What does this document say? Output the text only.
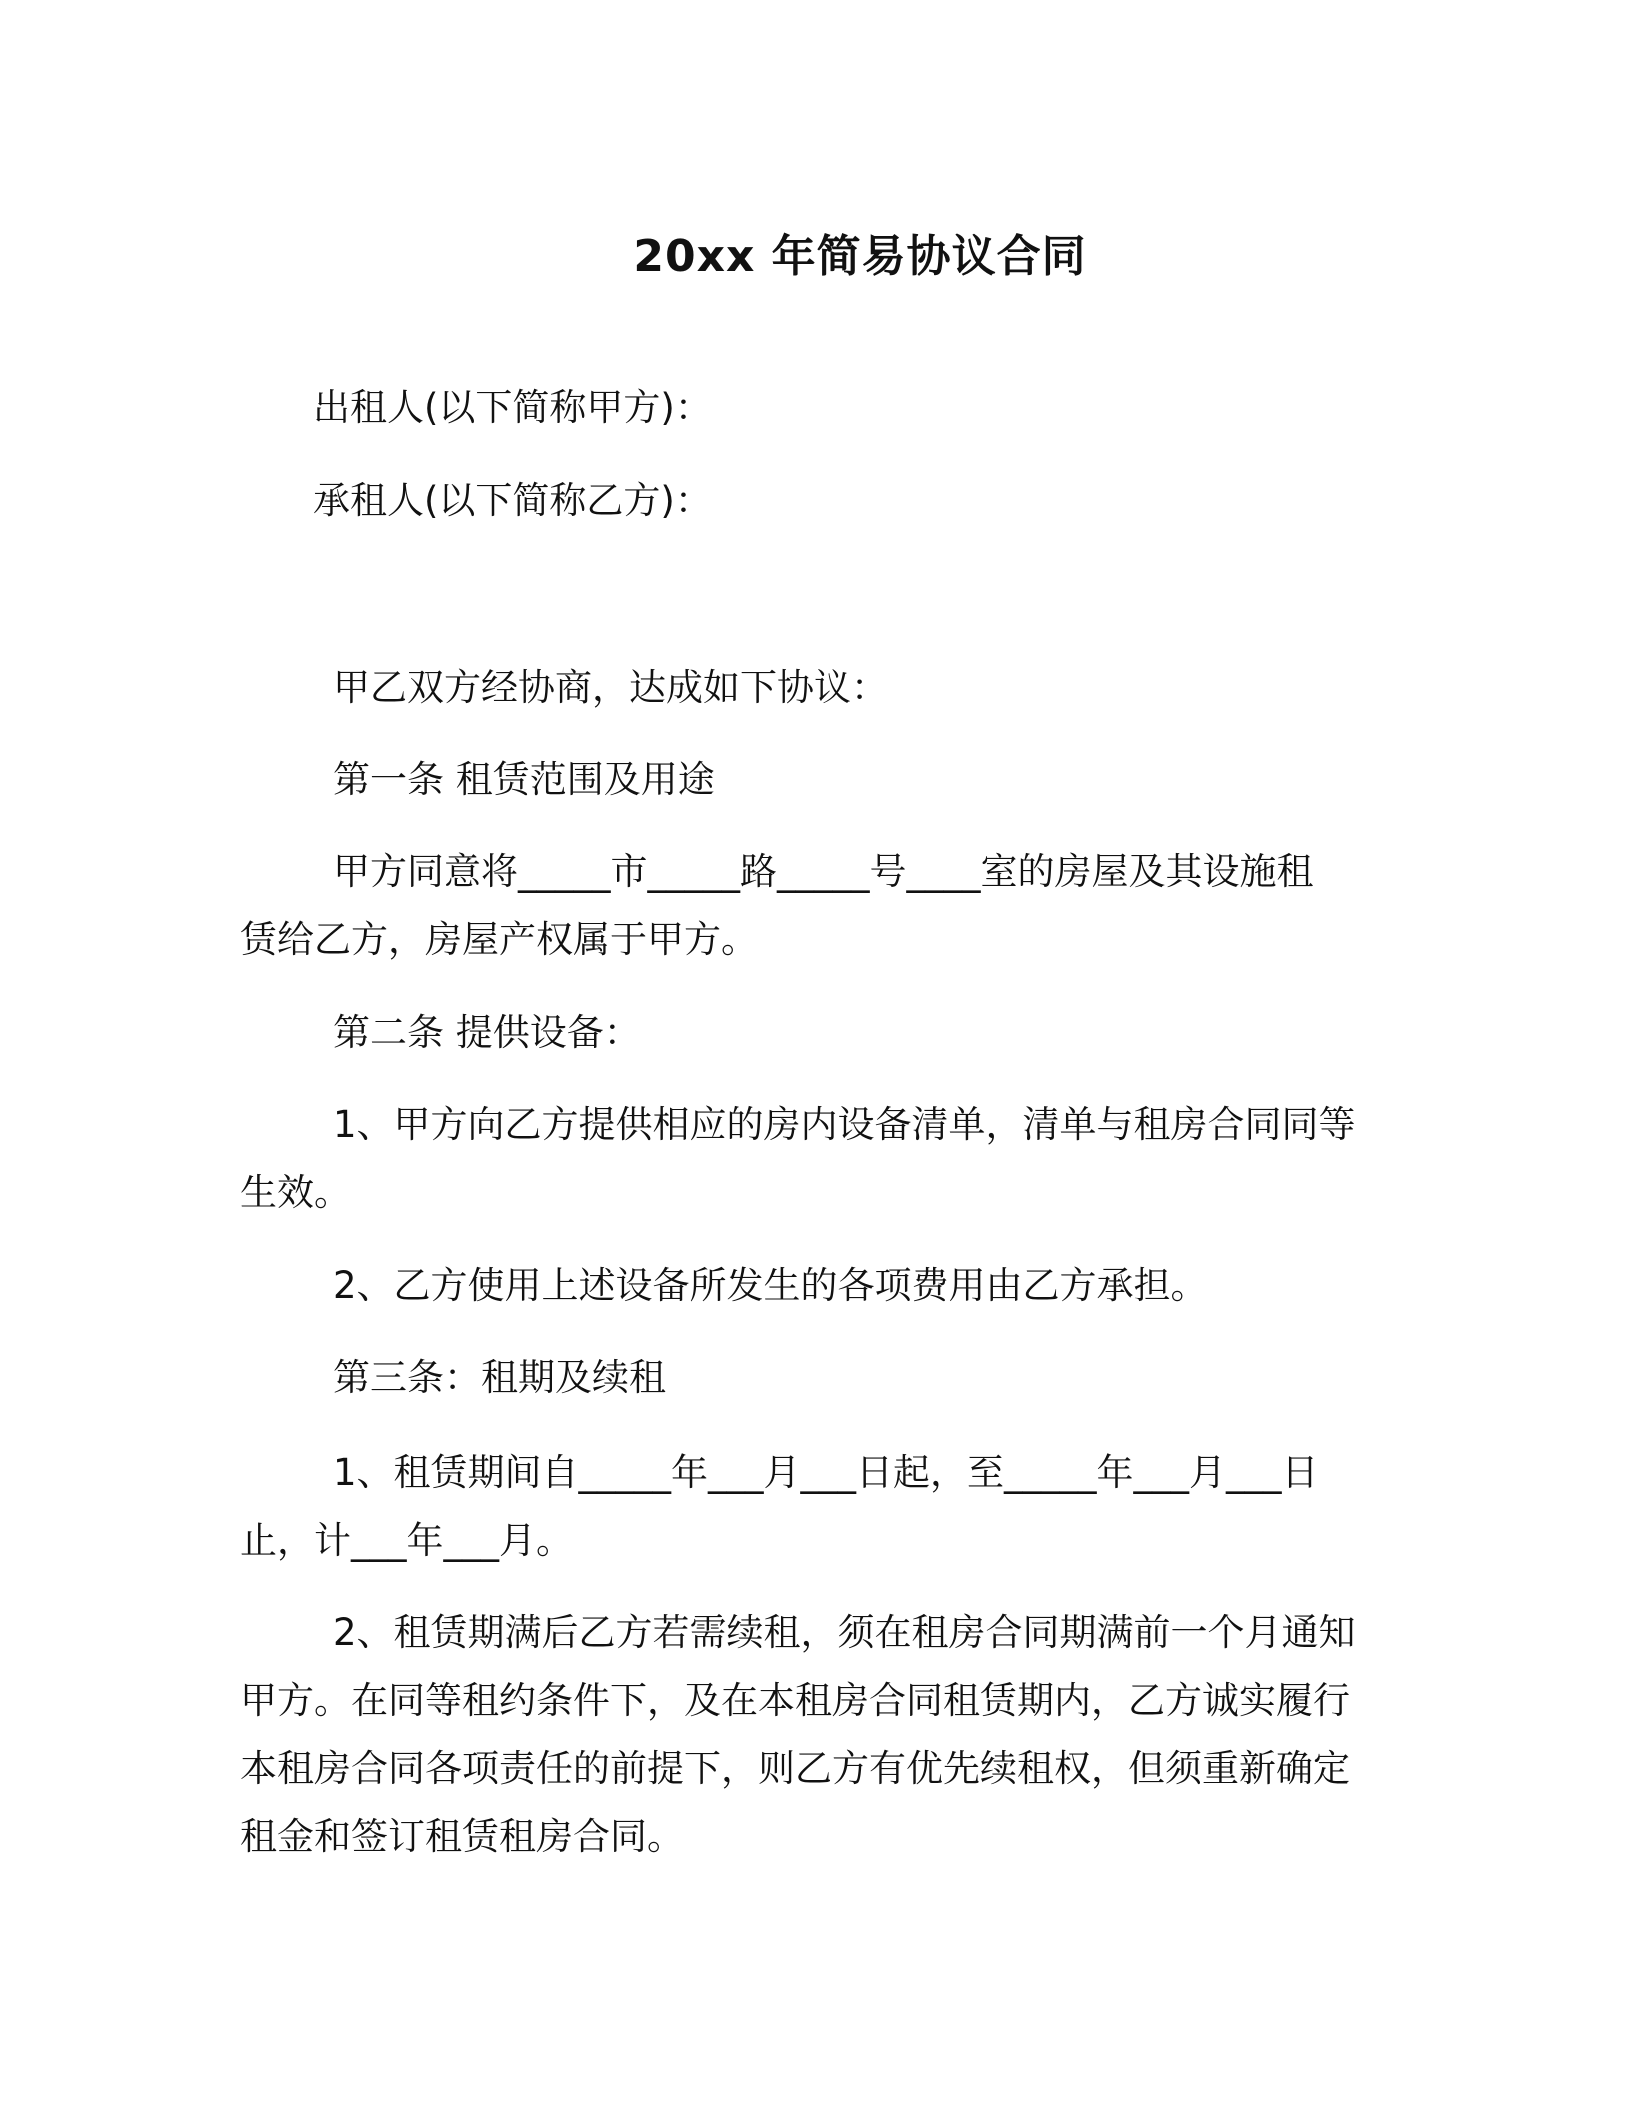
20xx 年简易协议合同
出租人(以下简称甲方)：
承租人(以下简称乙方)：
甲乙双方经协商，达成如下协议：
第一条 租赁范围及用途
甲方同意将_____市_____路_____号____室的房屋及其设施租
赁给乙方，房屋产权属于甲方。
第二条 提供设备：
1、甲方向乙方提供相应的房内设备清单，清单与租房合同同等
生效。
2、乙方使用上述设备所发生的各项费用由乙方承担。
第三条：租期及续租
1、租赁期间自_____年___月___日起，至_____年___月___日
止，计___年___月。
2、租赁期满后乙方若需续租，须在租房合同期满前一个月通知
甲方。在同等租约条件下，及在本租房合同租赁期内，乙方诚实履行
本租房合同各项责任的前提下，则乙方有优先续租权，但须重新确定
租金和签订租赁租房合同。
